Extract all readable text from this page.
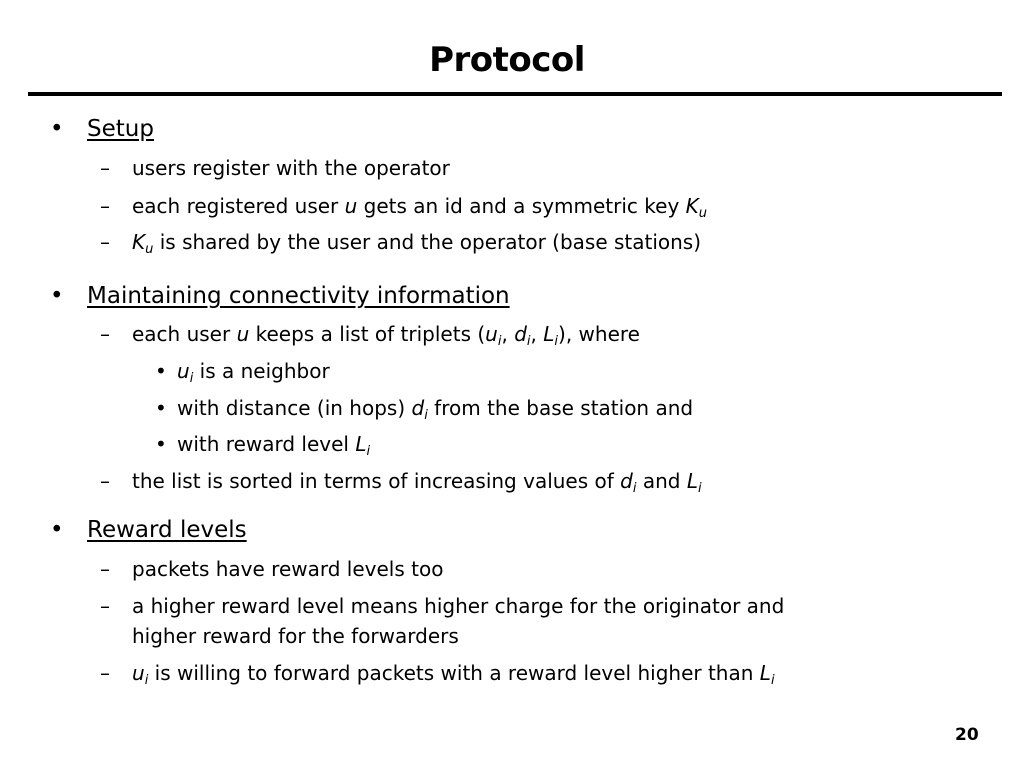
Protocol
• Setup
– users register with the operator
– each registered user u gets an id and a symmetric key $K_u$
– $K_u$ is shared by the user and the operator (base stations)
• Maintaining connectivity information
– each user u keeps a list of triplets ($u_i$, $d_i$, $L_i$), where
• $u_i$ is a neighbor
• with distance (in hops) $d_i$ from the base station and
• with reward level $L_i$
– the list is sorted in terms of increasing values of $d_i$ and $L_i$
• Reward levels
– packets have reward levels too
– a higher reward level means higher charge for the originator and
higher reward for the forwarders
– $u_i$ is willing to forward packets with a reward level higher than $L_i$
20
